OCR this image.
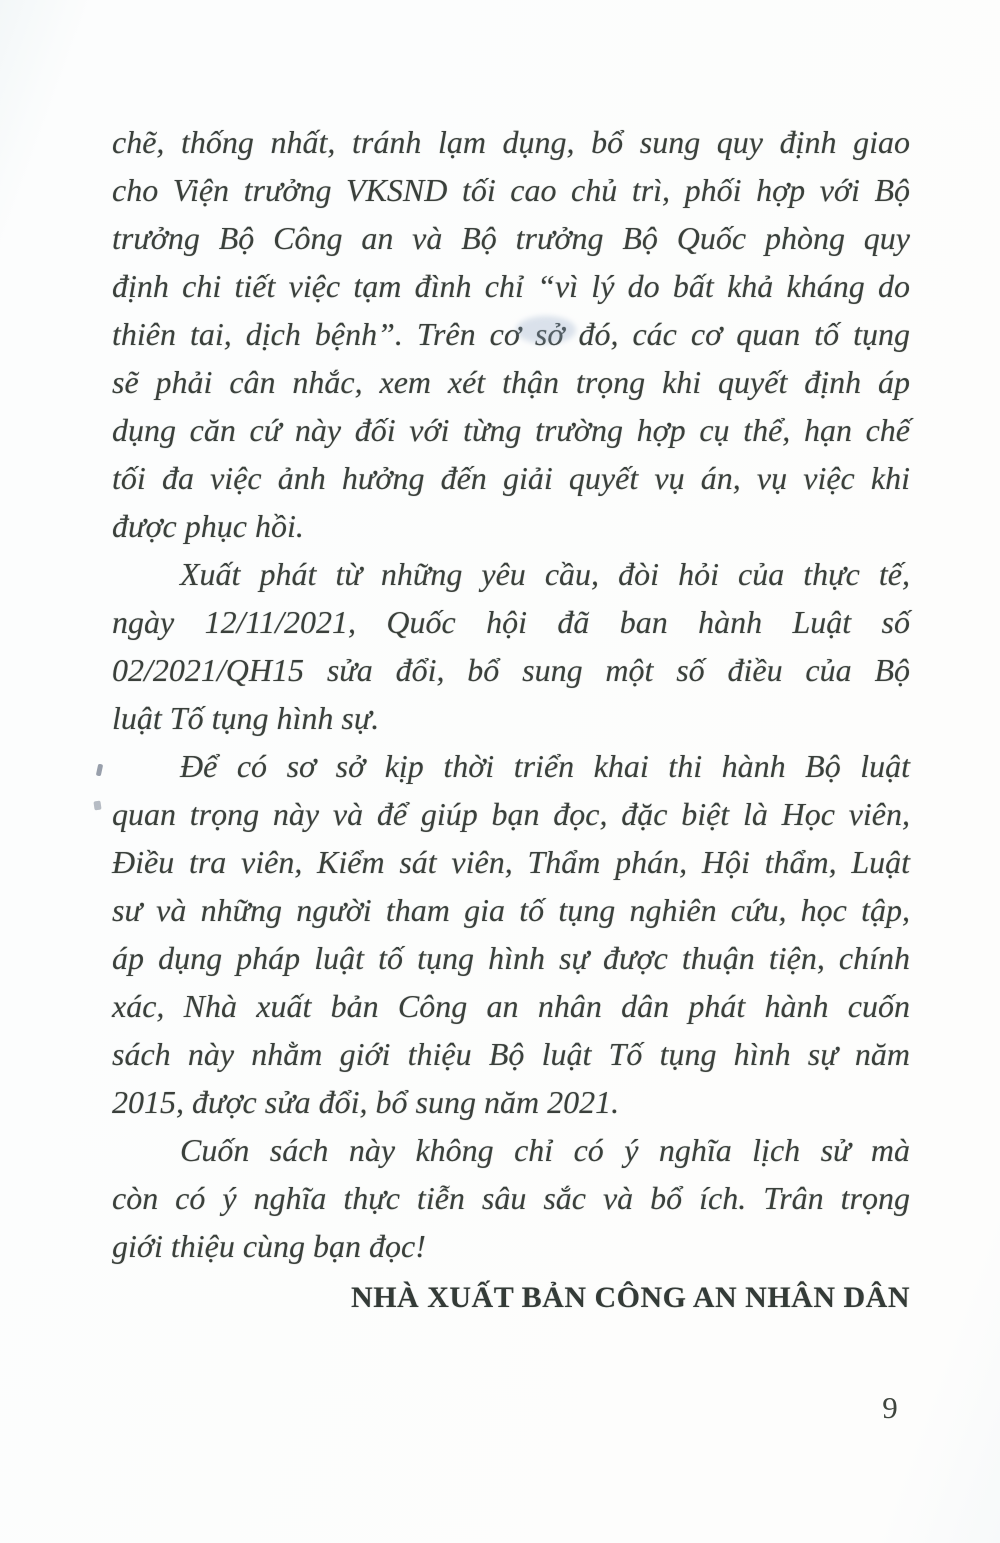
chẽ, thống nhất, tránh lạm dụng, bổ sung quy định giao
cho Viện trưởng VKSND tối cao chủ trì, phối hợp với Bộ
trưởng Bộ Công an và Bộ trưởng Bộ Quốc phòng quy
định chi tiết việc tạm đình chỉ “vì lý do bất khả kháng do
thiên tai, dịch bệnh”. Trên cơ sở đó, các cơ quan tố tụng
sẽ phải cân nhắc, xem xét thận trọng khi quyết định áp
dụng căn cứ này đối với từng trường hợp cụ thể, hạn chế
tối đa việc ảnh hưởng đến giải quyết vụ án, vụ việc khi
được phục hồi.
Xuất phát từ những yêu cầu, đòi hỏi của thực tế,
ngày 12/11/2021, Quốc hội đã ban hành Luật số
02/2021/QH15 sửa đổi, bổ sung một số điều của Bộ
luật Tố tụng hình sự.
Để có sơ sở kịp thời triển khai thi hành Bộ luật
quan trọng này và để giúp bạn đọc, đặc biệt là Học viên,
Điều tra viên, Kiểm sát viên, Thẩm phán, Hội thẩm, Luật
sư và những người tham gia tố tụng nghiên cứu, học tập,
áp dụng pháp luật tố tụng hình sự được thuận tiện, chính
xác, Nhà xuất bản Công an nhân dân phát hành cuốn
sách này nhằm giới thiệu Bộ luật Tố tụng hình sự năm
2015, được sửa đổi, bổ sung năm 2021.
Cuốn sách này không chỉ có ý nghĩa lịch sử mà
còn có ý nghĩa thực tiễn sâu sắc và bổ ích. Trân trọng
giới thiệu cùng bạn đọc!
NHÀ XUẤT BẢN CÔNG AN NHÂN DÂN
9
